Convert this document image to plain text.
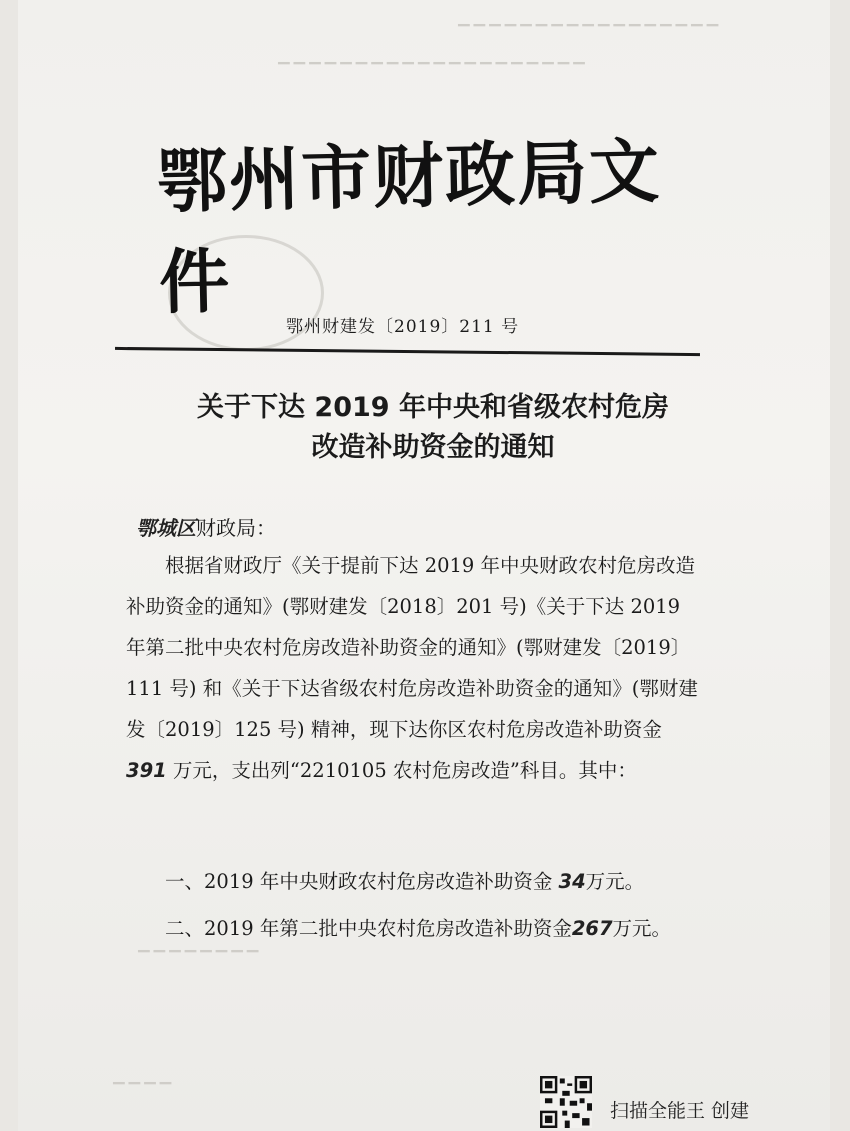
▔▔▔▔▔▔▔▔▔▔▔▔▔▔▔▔▔
▔▔▔▔▔▔▔▔▔▔▔▔▔▔▔▔▔▔▔▔
鄂州市财政局文件
鄂州财建发〔2019〕211 号
关于下达 2019 年中央和省级农村危房
改造补助资金的通知
鄂城区财政局：
根据省财政厅《关于提前下达 2019 年中央财政农村危房改造补助资金的通知》(鄂财建发〔2018〕201 号)《关于下达 2019 年第二批中央农村危房改造补助资金的通知》(鄂财建发〔2019〕111 号) 和《关于下达省级农村危房改造补助资金的通知》(鄂财建发〔2019〕125 号) 精神，现下达你区农村危房改造补助资金 391 万元，支出列“2210105 农村危房改造”科目。其中：
一、2019 年中央财政农村危房改造补助资金 34万元。
二、2019 年第二批中央农村危房改造补助资金267万元。
▔▔▔▔▔▔▔▔
▔▔▔▔
扫描全能王 创建
